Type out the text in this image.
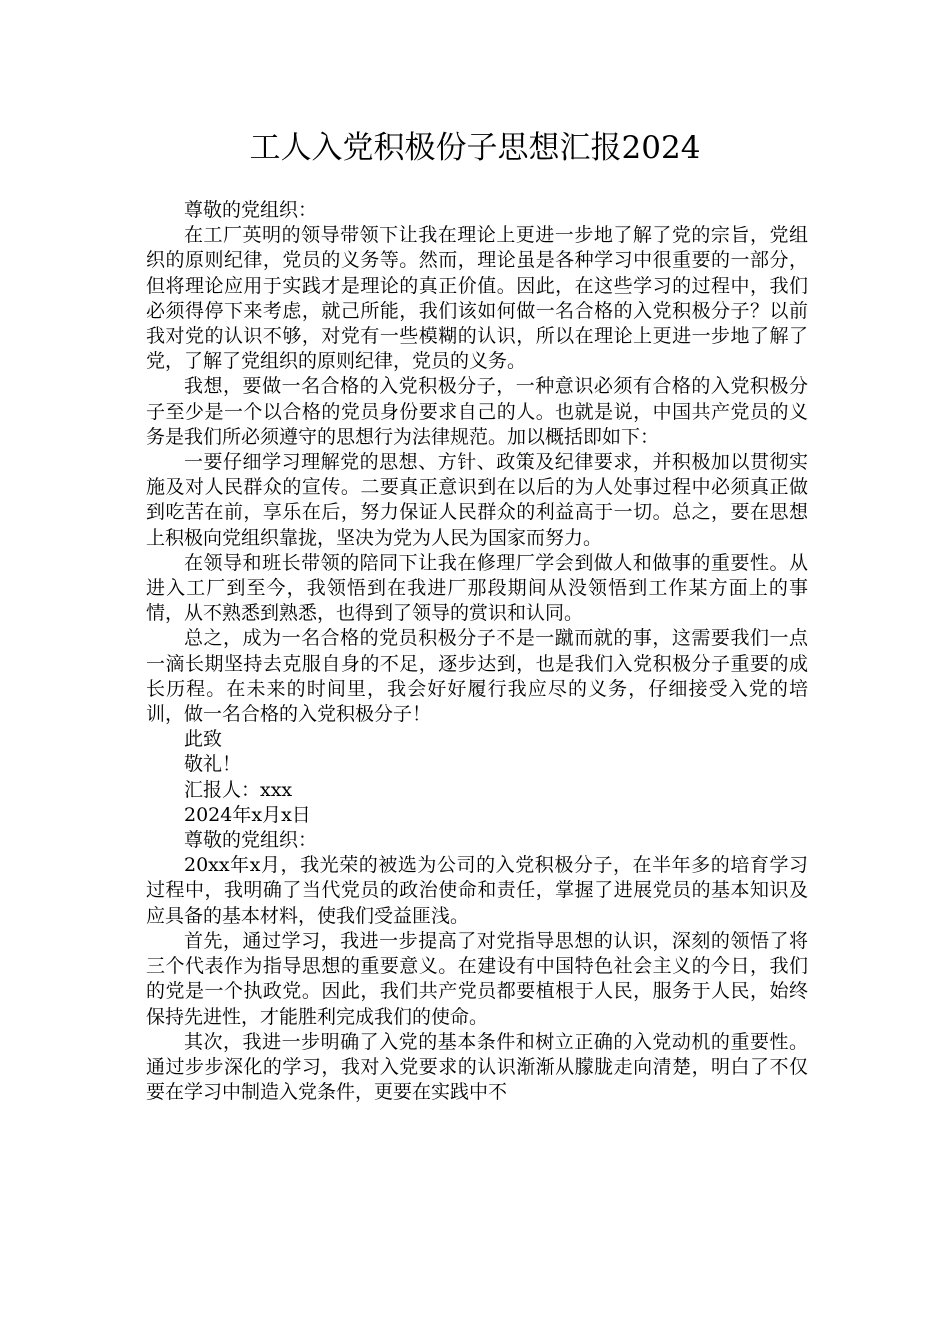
工人入党积极份子思想汇报2024

尊敬的党组织：

在工厂英明的领导带领下让我在理论上更进一步地了解了党的宗旨，党组织的原则纪律，党员的义务等。然而，理论虽是各种学习中很重要的一部分，但将理论应用于实践才是理论的真正价值。因此，在这些学习的过程中，我们必须得停下来考虑，就己所能，我们该如何做一名合格的入党积极分子？以前我对党的认识不够，对党有一些模糊的认识，所以在理论上更进一步地了解了党，了解了党组织的原则纪律，党员的义务。

我想，要做一名合格的入党积极分子，一种意识必须有合格的入党积极分子至少是一个以合格的党员身份要求自己的人。也就是说，中国共产党员的义务是我们所必须遵守的思想行为法律规范。加以概括即如下：

一要仔细学习理解党的思想、方针、政策及纪律要求，并积极加以贯彻实施及对人民群众的宣传。二要真正意识到在以后的为人处事过程中必须真正做到吃苦在前，享乐在后，努力保证人民群众的利益高于一切。总之，要在思想上积极向党组织靠拢，坚决为党为人民为国家而努力。

在领导和班长带领的陪同下让我在修理厂学会到做人和做事的重要性。从进入工厂到至今，我领悟到在我进厂那段期间从没领悟到工作某方面上的事情，从不熟悉到熟悉，也得到了领导的赏识和认同。

总之，成为一名合格的党员积极分子不是一蹴而就的事，这需要我们一点一滴长期坚持去克服自身的不足，逐步达到，也是我们入党积极分子重要的成长历程。在未来的时间里，我会好好履行我应尽的义务，仔细接受入党的培训，做一名合格的入党积极分子！

此致

敬礼！

汇报人：xxx

2024年x月x日

尊敬的党组织：

20xx年x月，我光荣的被选为公司的入党积极分子，在半年多的培育学习过程中，我明确了当代党员的政治使命和责任，掌握了进展党员的基本知识及应具备的基本材料，使我们受益匪浅。

首先，通过学习，我进一步提高了对党指导思想的认识，深刻的领悟了将三个代表作为指导思想的重要意义。在建设有中国特色社会主义的今日，我们的党是一个执政党。因此，我们共产党员都要植根于人民，服务于人民，始终保持先进性，才能胜利完成我们的使命。

其次，我进一步明确了入党的基本条件和树立正确的入党动机的重要性。通过步步深化的学习，我对入党要求的认识渐渐从朦胧走向清楚，明白了不仅要在学习中制造入党条件，更要在实践中不
